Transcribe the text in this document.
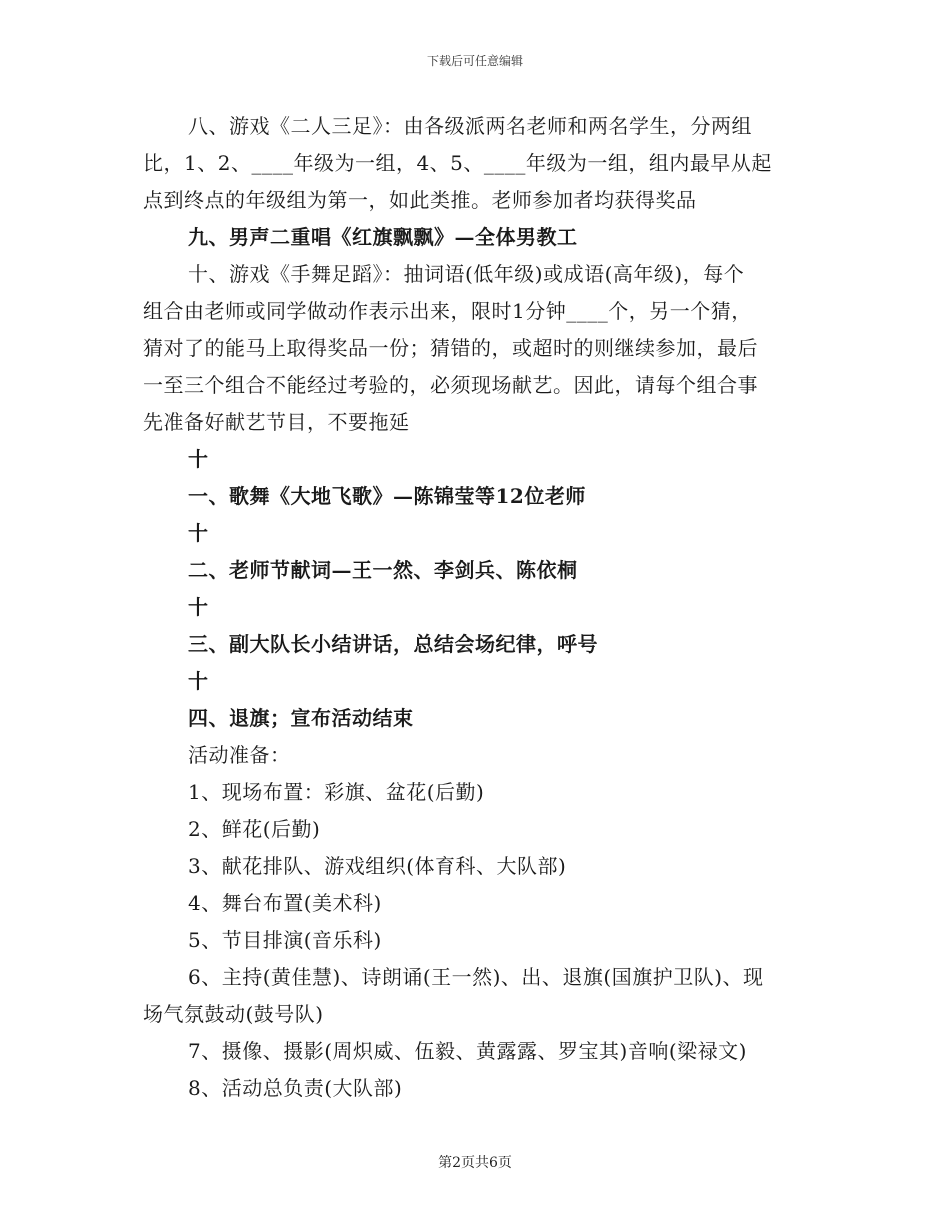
下载后可任意编辑

八、游戏《二人三足》：由各级派两名老师和两名学生，分两组

比，1、2、____年级为一组，4、5、____年级为一组，组内最早从起

点到终点的年级组为第一，如此类推。老师参加者均获得奖品

九、男声二重唱《红旗飘飘》—全体男教工

十、游戏《手舞足蹈》：抽词语(低年级)或成语(高年级)，每个

组合由老师或同学做动作表示出来，限时1分钟____个，另一个猜，

猜对了的能马上取得奖品一份；猜错的，或超时的则继续参加，最后

一至三个组合不能经过考验的，必须现场献艺。因此，请每个组合事

先准备好献艺节目，不要拖延

十

一、歌舞《大地飞歌》—陈锦莹等12位老师

十

二、老师节献词—王一然、李剑兵、陈依桐

十

三、副大队长小结讲话，总结会场纪律，呼号

十

四、退旗；宣布活动结束

活动准备：

1、现场布置：彩旗、盆花(后勤)

2、鲜花(后勤)

3、献花排队、游戏组织(体育科、大队部)

4、舞台布置(美术科)

5、节目排演(音乐科)

6、主持(黄佳慧)、诗朗诵(王一然)、出、退旗(国旗护卫队)、现

场气氛鼓动(鼓号队)

7、摄像、摄影(周炽威、伍毅、黄露露、罗宝其)音响(梁禄文)

8、活动总负责(大队部)

第2页共6页
